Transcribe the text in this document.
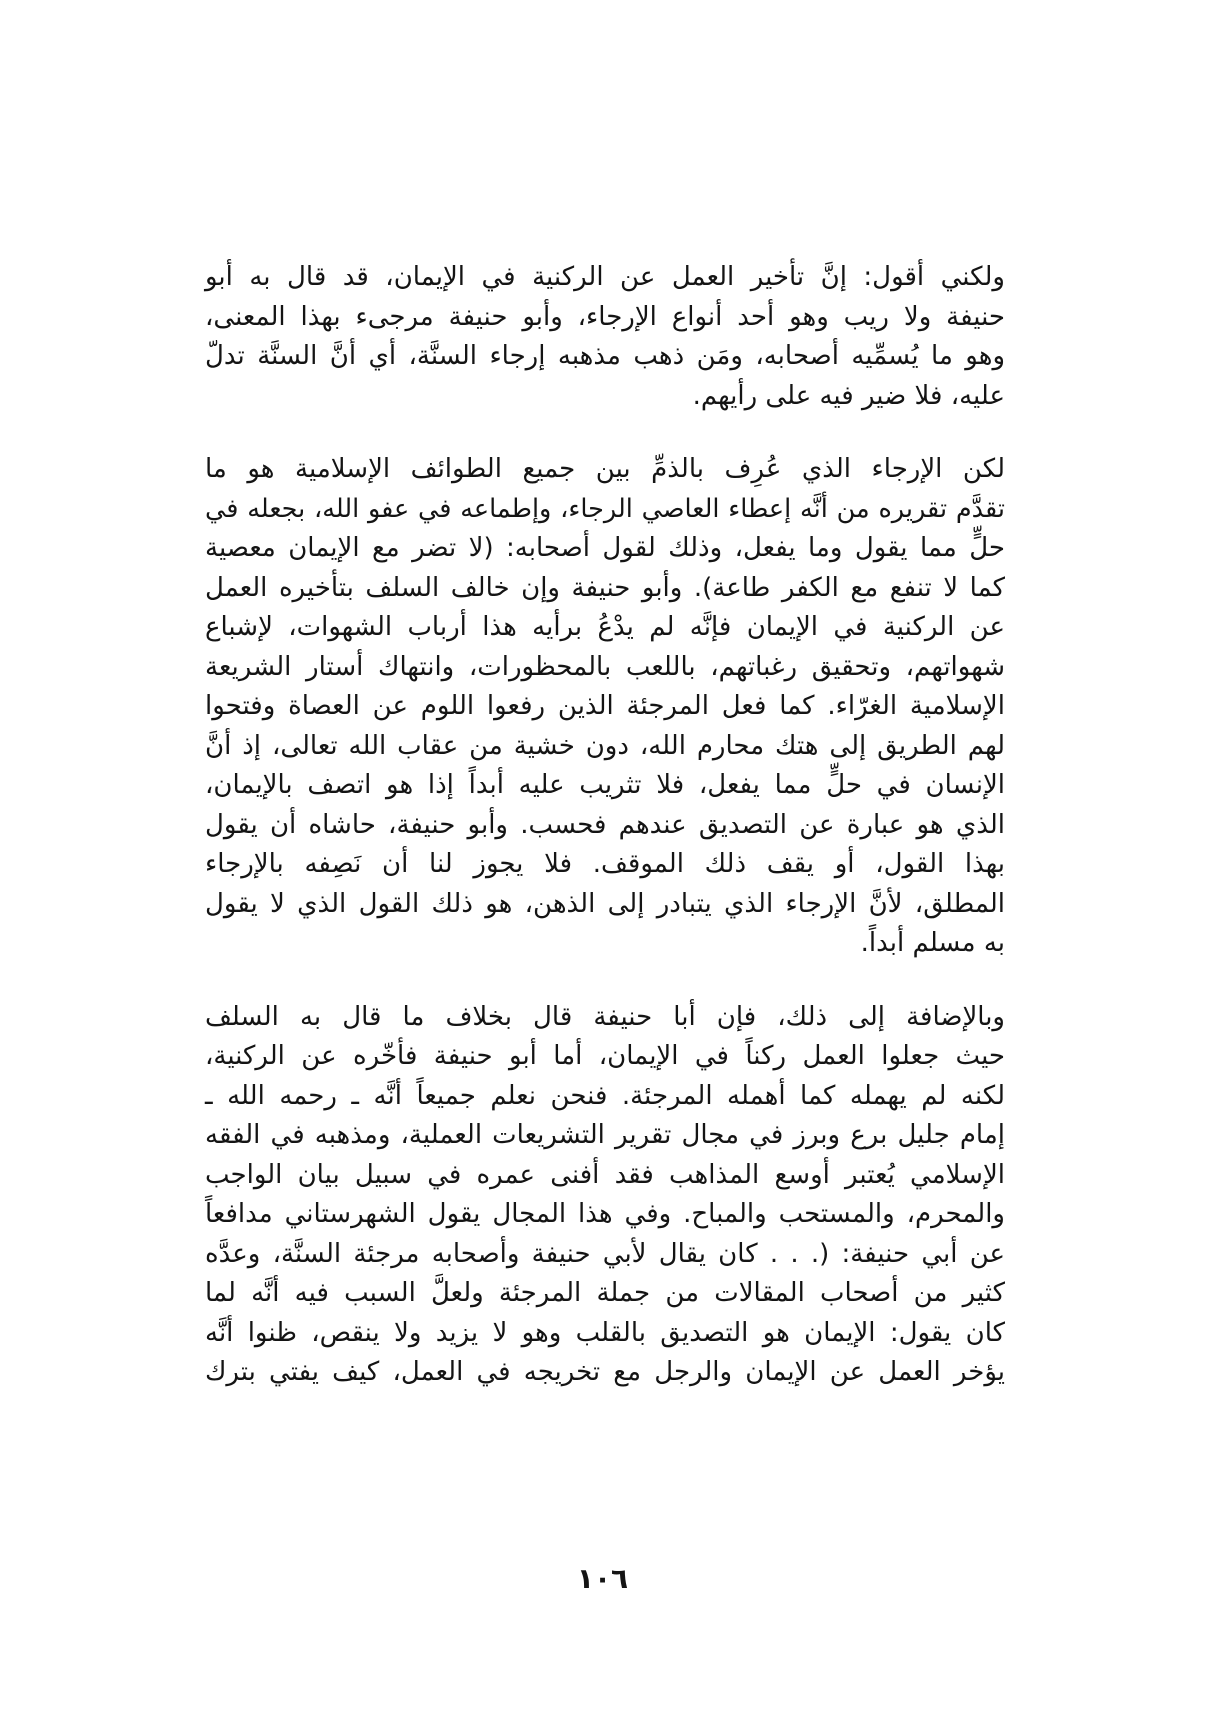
ولكني أقول: إنَّ تأخير العمل عن الركنية في الإيمان، قد قال به أبو
حنيفة ولا ريب وهو أحد أنواع الإرجاء، وأبو حنيفة مرجىء بهذا المعنى،
وهو ما يُسمِّيه أصحابه، ومَن ذهب مذهبه إرجاء السنَّة، أي أنَّ السنَّة تدلّ
عليه، فلا ضير فيه على رأيهم.
لكن الإرجاء الذي عُرِف بالذمِّ بين جميع الطوائف الإسلامية هو ما
تقدَّم تقريره من أنَّه إعطاء العاصي الرجاء، وإطماعه في عفو الله، بجعله في
حلٍّ مما يقول وما يفعل، وذلك لقول أصحابه: (لا تضر مع الإيمان معصية
كما لا تنفع مع الكفر طاعة). وأبو حنيفة وإن خالف السلف بتأخيره العمل
عن الركنية في الإيمان فإنَّه لم يدْعُ برأيه هذا أرباب الشهوات، لإشباع
شهواتهم، وتحقيق رغباتهم، باللعب بالمحظورات، وانتهاك أستار الشريعة
الإسلامية الغرّاء. كما فعل المرجئة الذين رفعوا اللوم عن العصاة وفتحوا
لهم الطريق إلى هتك محارم الله، دون خشية من عقاب الله تعالى، إذ أنَّ
الإنسان في حلٍّ مما يفعل، فلا تثريب عليه أبداً إذا هو اتصف بالإيمان،
الذي هو عبارة عن التصديق عندهم فحسب. وأبو حنيفة، حاشاه أن يقول
بهذا القول، أو يقف ذلك الموقف. فلا يجوز لنا أن نَصِفه بالإرجاء
المطلق، لأنَّ الإرجاء الذي يتبادر إلى الذهن، هو ذلك القول الذي لا يقول
به مسلم أبداً.
وبالإضافة إلى ذلك، فإن أبا حنيفة قال بخلاف ما قال به السلف
حيث جعلوا العمل ركناً في الإيمان، أما أبو حنيفة فأخّره عن الركنية،
لكنه لم يهمله كما أهمله المرجئة. فنحن نعلم جميعاً أنَّه ـ رحمه الله ـ
إمام جليل برع وبرز في مجال تقرير التشريعات العملية، ومذهبه في الفقه
الإسلامي يُعتبر أوسع المذاهب فقد أفنى عمره في سبيل بيان الواجب
والمحرم، والمستحب والمباح. وفي هذا المجال يقول الشهرستاني مدافعاً
عن أبي حنيفة: (. . . كان يقال لأبي حنيفة وأصحابه مرجئة السنَّة، وعدَّه
كثير من أصحاب المقالات من جملة المرجئة ولعلَّ السبب فيه أنَّه لما
كان يقول: الإيمان هو التصديق بالقلب وهو لا يزيد ولا ينقص، ظنوا أنَّه
يؤخر العمل عن الإيمان والرجل مع تخريجه في العمل، كيف يفتي بترك
١٠٦
